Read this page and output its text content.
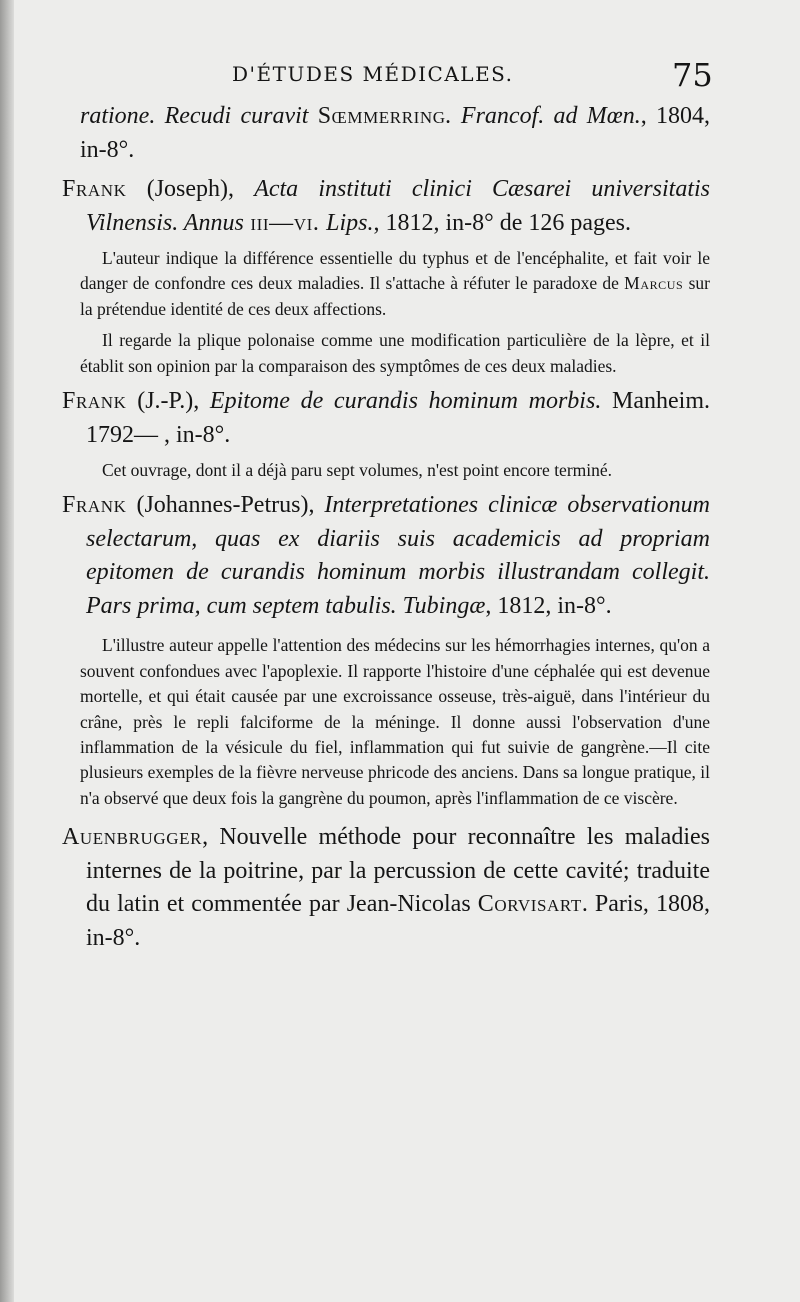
D'ÉTUDES MÉDICALES.	75

ratione. Recudi curavit Sœmmerring. Francof. ad Mœn., 1804, in-8°.

Frank (Joseph), Acta instituti clinici Cæsarei universitatis Vilnensis. Annus iii—vi. Lips., 1812, in-8° de 126 pages.

L'auteur indique la différence essentielle du typhus et de l'encéphalite, et fait voir le danger de confondre ces deux maladies. Il s'attache à réfuter le paradoxe de Marcus sur la prétendue identité de ces deux affections.

Il regarde la plique polonaise comme une modification particulière de la lèpre, et il établit son opinion par la comparaison des symptômes de ces deux maladies.

Frank (J.-P.), Epitome de curandis hominum morbis. Manheim. 1792— , in-8°.

Cet ouvrage, dont il a déjà paru sept volumes, n'est point encore terminé.

Frank (Johannes-Petrus), Interpretationes clinicæ observationum selectarum, quas ex diariis suis academicis ad propriam epitomen de curandis hominum morbis illustrandam collegit. Pars prima, cum septem tabulis. Tubingæ, 1812, in-8°.

L'illustre auteur appelle l'attention des médecins sur les hémorrhagies internes, qu'on a souvent confondues avec l'apoplexie. Il rapporte l'histoire d'une céphalée qui est devenue mortelle, et qui était causée par une excroissance osseuse, très-aiguë, dans l'intérieur du crâne, près le repli falciforme de la méninge. Il donne aussi l'observation d'une inflammation de la vésicule du fiel, inflammation qui fut suivie de gangrène.—Il cite plusieurs exemples de la fièvre nerveuse phricode des anciens. Dans sa longue pratique, il n'a observé que deux fois la gangrène du poumon, après l'inflammation de ce viscère.

Auenbrugger, Nouvelle méthode pour reconnaître les maladies internes de la poitrine, par la percussion de cette cavité; traduite du latin et commentée par Jean-Nicolas Corvisart. Paris, 1808, in-8°.
